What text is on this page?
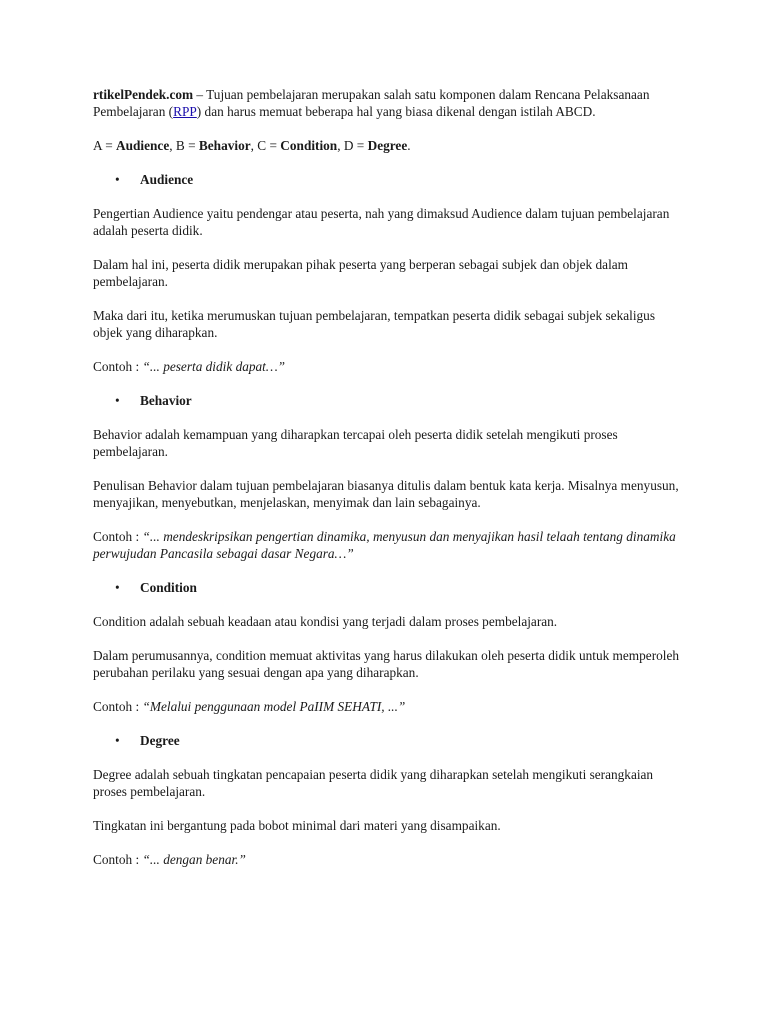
rtikelPendek.com – Tujuan pembelajaran merupakan salah satu komponen dalam Rencana Pelaksanaan Pembelajaran (RPP) dan harus memuat beberapa hal yang biasa dikenal dengan istilah ABCD.

A = Audience, B = Behavior, C = Condition, D = Degree.

• Audience

Pengertian Audience yaitu pendengar atau peserta, nah yang dimaksud Audience dalam tujuan pembelajaran adalah peserta didik.

Dalam hal ini, peserta didik merupakan pihak peserta yang berperan sebagai subjek dan objek dalam pembelajaran.

Maka dari itu, ketika merumuskan tujuan pembelajaran, tempatkan peserta didik sebagai subjek sekaligus objek yang diharapkan.

Contoh : “... peserta didik dapat…”

• Behavior

Behavior adalah kemampuan yang diharapkan tercapai oleh peserta didik setelah mengikuti proses pembelajaran.

Penulisan Behavior dalam tujuan pembelajaran biasanya ditulis dalam bentuk kata kerja. Misalnya menyusun, menyajikan, menyebutkan, menjelaskan, menyimak dan lain sebagainya.

Contoh : “... mendeskripsikan pengertian dinamika, menyusun dan menyajikan hasil telaah tentang dinamika perwujudan Pancasila sebagai dasar Negara…”

• Condition

Condition adalah sebuah keadaan atau kondisi yang terjadi dalam proses pembelajaran.

Dalam perumusannya, condition memuat aktivitas yang harus dilakukan oleh peserta didik untuk memperoleh perubahan perilaku yang sesuai dengan apa yang diharapkan.

Contoh : “Melalui penggunaan model PaIIM SEHATI, ...”

• Degree

Degree adalah sebuah tingkatan pencapaian peserta didik yang diharapkan setelah mengikuti serangkaian proses pembelajaran.

Tingkatan ini bergantung pada bobot minimal dari materi yang disampaikan.

Contoh : “... dengan benar.”
